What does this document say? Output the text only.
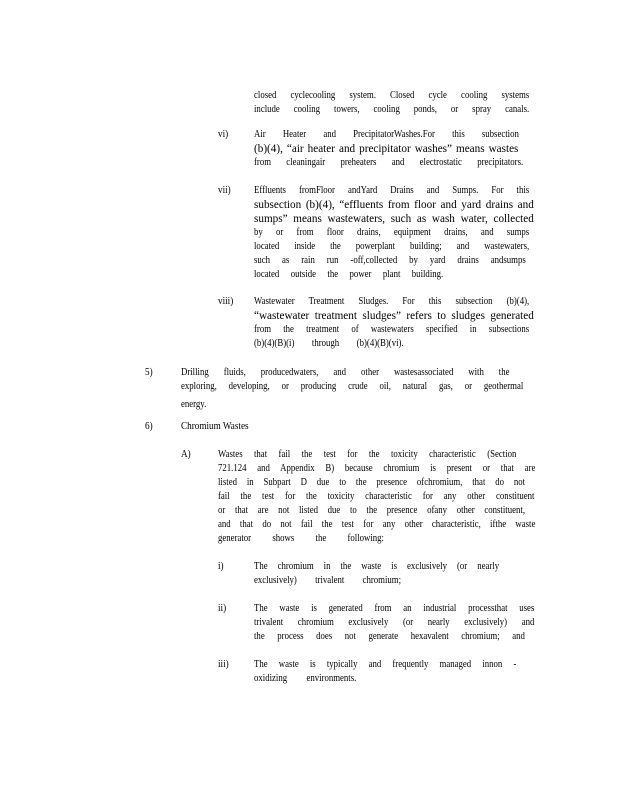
closed cyclecooling system. Closed cycle cooling systems
include cooling towers, cooling ponds, or spray canals.
vi)	Air Heater and PrecipitatorWashes.For this subsection
(b)(4), “air heater and precipitator washes” means wastes
from cleaningair preheaters and electrostatic precipitators.
vii) Effluents fromFloor andYard Drains and Sumps. For this
subsection (b)(4), “effluents from floor and yard drains and
sumps” means wastewaters, such as wash water, collected
by or from floor drains, equipment drains, and sumps
located inside the powerplant building; and wastewaters,
such as rain run -off,collected by yard drains andsumps
located outside the power plant building.
viii) Wastewater Treatment Sludges. For this subsection (b)(4),
“wastewater treatment sludges” refers to sludges generated
from the treatment of wastewaters specified in subsections
(b)(4)(B)(i) through (b)(4)(B)(vi).
5)	Drilling fluids, producedwaters, and other wastesassociated with the
exploring, developing, or producing crude oil, natural gas, or geothermal
energy.
6)	Chromium Wastes
A)	Wastes that fail the test for the toxicity characteristic (Section
721.124 and Appendix B) because chromium is present or that are
listed in Subpart D due to the presence ofchromium, that do not
fail the test for the toxicity characteristic for any other constituent
or that are not listed due to the presence ofany other constituent,
and that do not fail the test for any other characteristic, ifthe waste
generator shows the following:
i)	The chromium in the waste is exclusively (or nearly
exclusively) trivalent chromium;
ii)	The waste is generated from an industrial processthat uses
trivalent chromium exclusively (or nearly exclusively) and
the process does not generate hexavalent chromium; and
iii) The waste is typically and frequently managed innon -
oxidizing environments.
